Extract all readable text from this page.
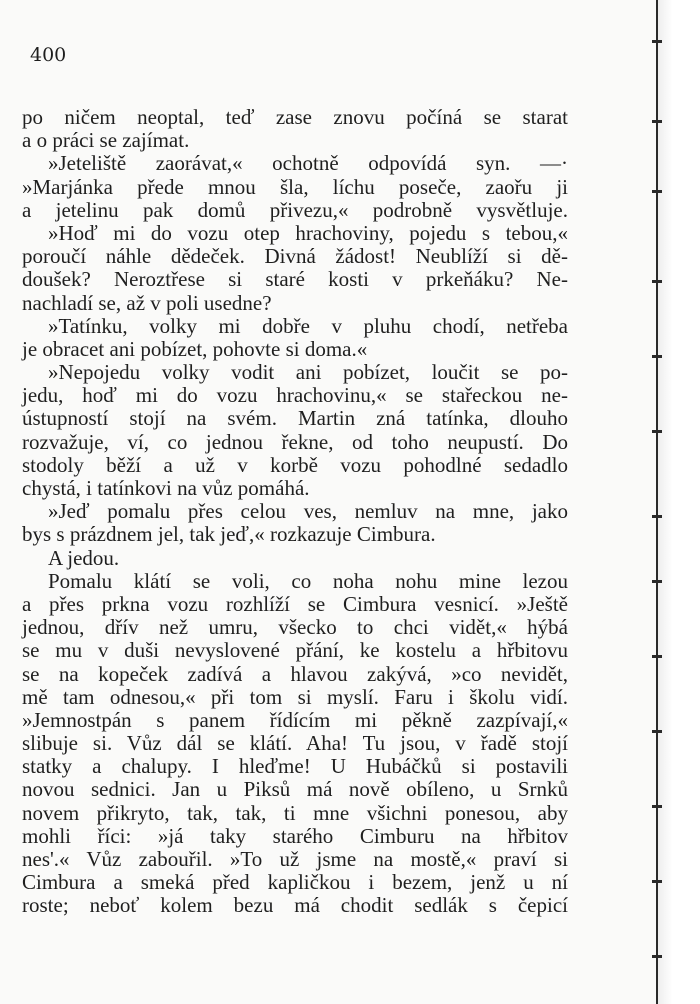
400
po ničem neoptal, teď zase znovu počíná se starat
a o práci se zajímat.
»Jeteliště zaorávat,« ochotně odpovídá syn. —·
»Marjánka přede mnou šla, líchu poseče, zaořu ji
a jetelinu pak domů přivezu,« podrobně vysvětluje.
»Hoď mi do vozu otep hrachoviny, pojedu s tebou,«
poroučí náhle dědeček. Divná žádost! Neublíží si dě-
doušek? Neroztřese si staré kosti v prkeňáku? Ne-
nachladí se, až v poli usedne?
»Tatínku, volky mi dobře v pluhu chodí, netřeba
je obracet ani pobízet, pohovte si doma.«
»Nepojedu volky vodit ani pobízet, loučit se po-
jedu, hoď mi do vozu hrachovinu,« se stařeckou ne-
ústupností stojí na svém. Martin zná tatínka, dlouho
rozvažuje, ví, co jednou řekne, od toho neupustí. Do
stodoly běží a už v korbě vozu pohodlné sedadlo
chystá, i tatínkovi na vůz pomáhá.
»Jeď pomalu přes celou ves, nemluv na mne, jako
bys s prázdnem jel, tak jeď,« rozkazuje Cimbura.
A jedou.
Pomalu klátí se voli, co noha nohu mine lezou
a přes prkna vozu rozhlíží se Cimbura vesnicí. »Ještě
jednou, dřív než umru, všecko to chci vidět,« hýbá
se mu v duši nevyslovené přání, ke kostelu a hřbitovu
se na kopeček zadívá a hlavou zakývá, »co nevidět,
mě tam odnesou,« při tom si myslí. Faru i školu vidí.
»Jemnostpán s panem řídícím mi pěkně zazpívají,«
slibuje si. Vůz dál se klátí. Aha! Tu jsou, v řadě stojí
statky a chalupy. I hleďme! U Hubáčků si postavili
novou sednici. Jan u Piksů má nově obíleno, u Srnků
novem přikryto, tak, tak, ti mne všichni ponesou, aby
mohli říci: »já taky starého Cimburu na hřbitov
nes'.« Vůz zabouřil. »To už jsme na mostě,« praví si
Cimbura a smeká před kapličkou i bezem, jenž u ní
roste; neboť kolem bezu má chodit sedlák s čepicí
